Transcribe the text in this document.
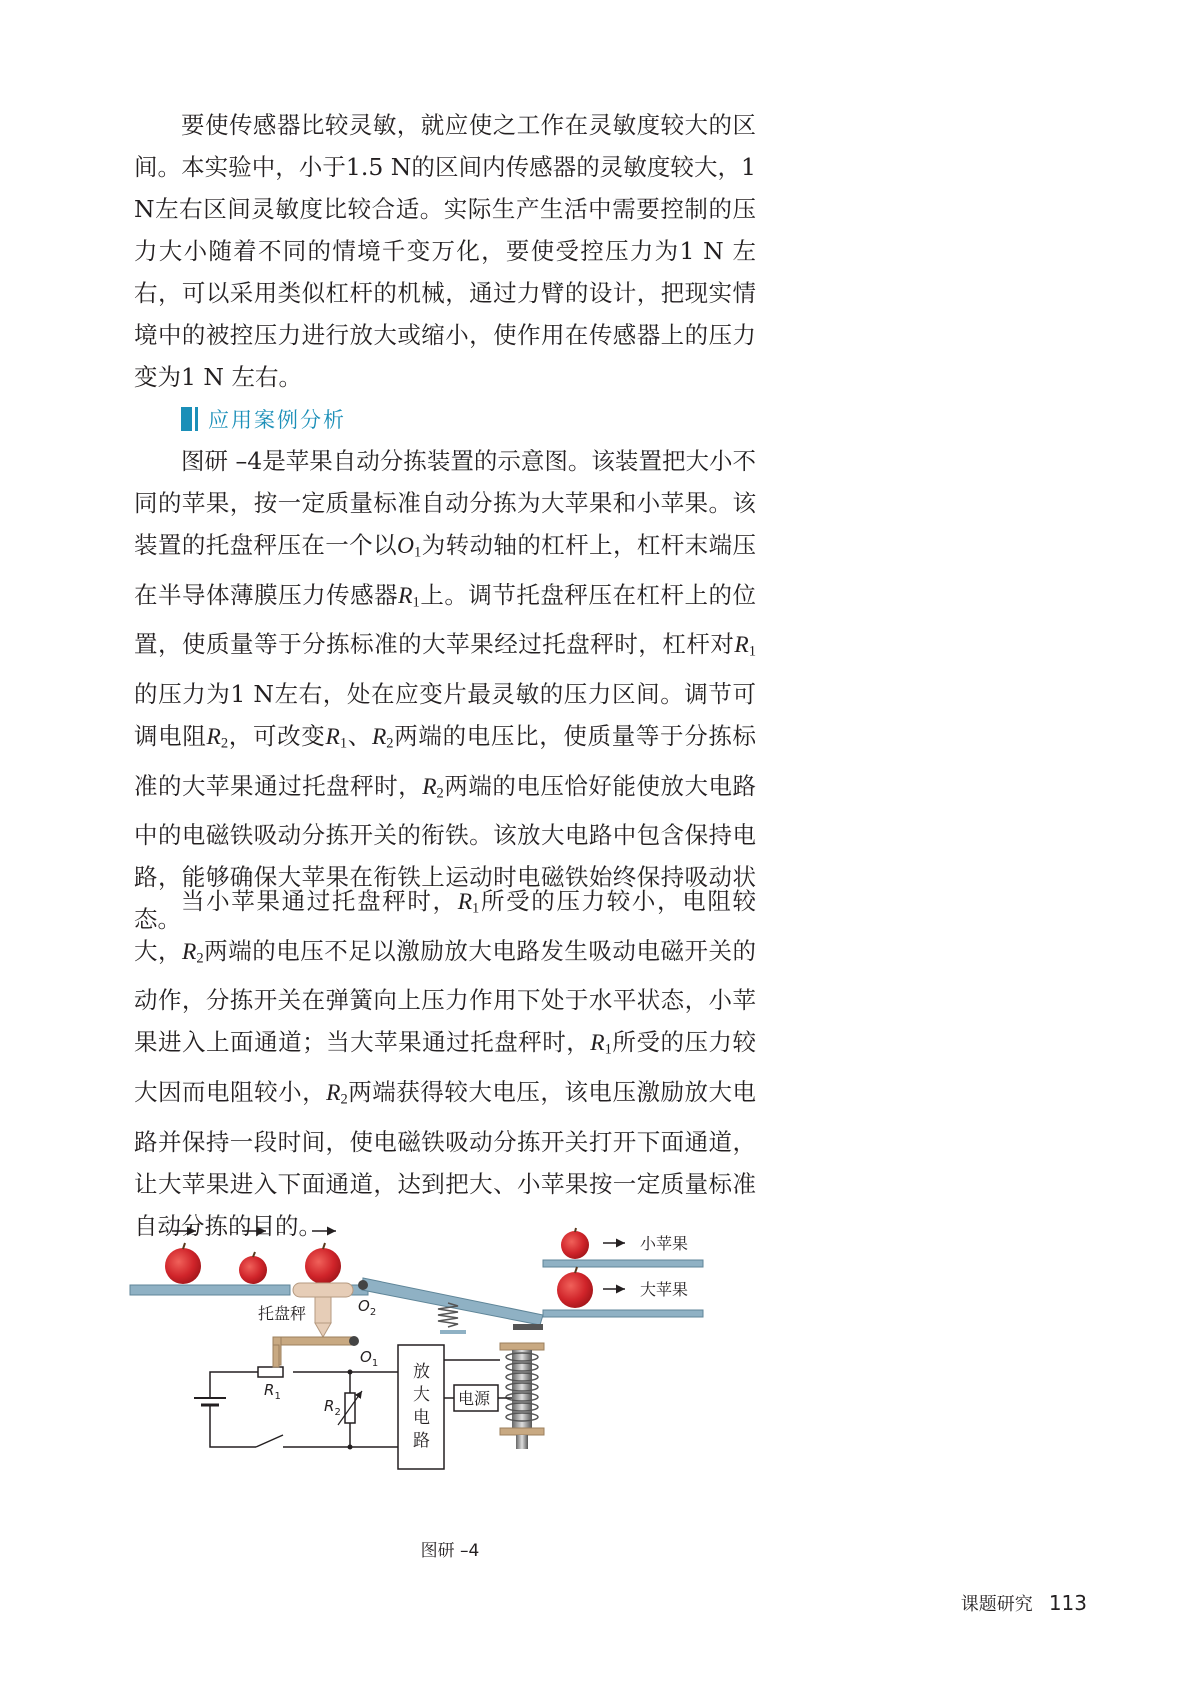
要使传感器比较灵敏，就应使之工作在灵敏度较大的区间。本实验中，小于1.5 N的区间内传感器的灵敏度较大，1 N左右区间灵敏度比较合适。实际生产生活中需要控制的压力大小随着不同的情境千变万化，要使受控压力为1 N 左右，可以采用类似杠杆的机械，通过力臂的设计，把现实情境中的被控压力进行放大或缩小，使作用在传感器上的压力变为1 N 左右。

应用案例分析

图研 –4是苹果自动分拣装置的示意图。该装置把大小不同的苹果，按一定质量标准自动分拣为大苹果和小苹果。该装置的托盘秤压在一个以$O_1$为转动轴的杠杆上，杠杆末端压在半导体薄膜压力传感器$R_1$上。调节托盘秤压在杠杆上的位置，使质量等于分拣标准的大苹果经过托盘秤时，杠杆对$R_1$的压力为1 N左右，处在应变片最灵敏的压力区间。调节可调电阻$R_2$，可改变$R_1$、$R_2$两端的电压比，使质量等于分拣标准的大苹果通过托盘秤时，$R_2$两端的电压恰好能使放大电路中的电磁铁吸动分拣开关的衔铁。该放大电路中包含保持电路，能够确保大苹果在衔铁上运动时电磁铁始终保持吸动状态。

当小苹果通过托盘秤时，$R_1$所受的压力较小，电阻较大，$R_2$两端的电压不足以激励放大电路发生吸动电磁开关的动作，分拣开关在弹簧向上压力作用下处于水平状态，小苹果进入上面通道；当大苹果通过托盘秤时，$R_1$所受的压力较大因而电阻较小，$R_2$两端获得较大电压，该电压激励放大电路并保持一段时间，使电磁铁吸动分拣开关打开下面通道，让大苹果进入下面通道，达到把大、小苹果按一定质量标准自动分拣的目的。

托盘秤
$O_1$
$O_2$
小苹果
大苹果
放
大
电
路
电源
$R_1$
$R_2$
图研 –4
课题研究 113
